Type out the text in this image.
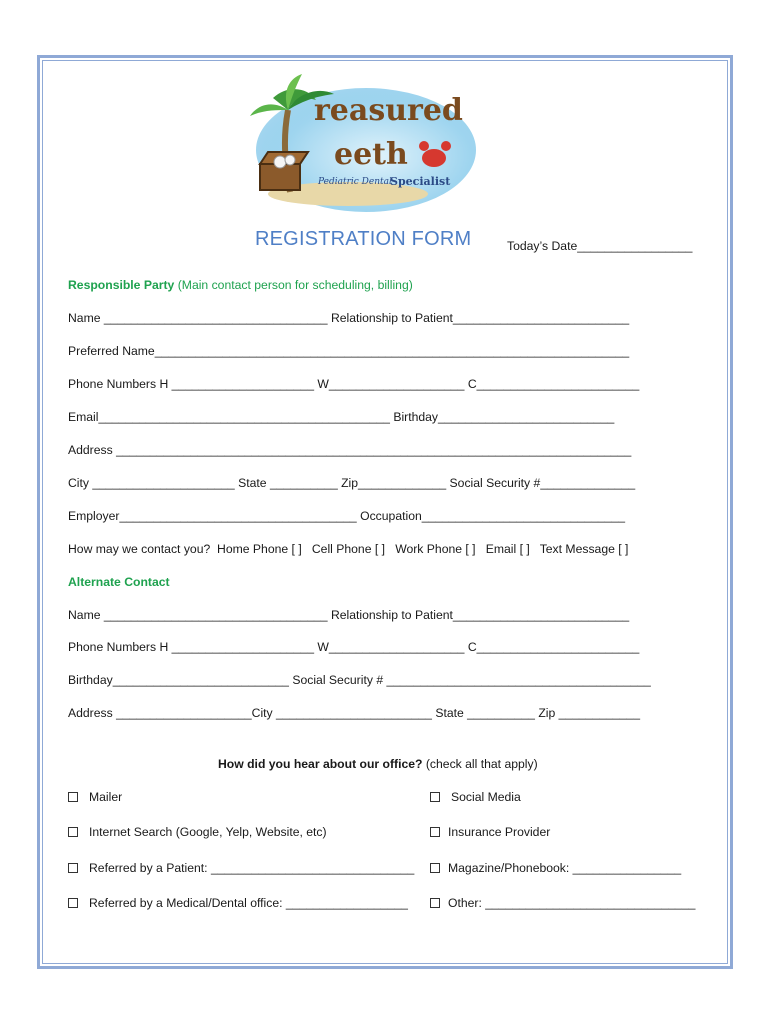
reasured
eeth
Pediatric Dental
Specialist
REGISTRATION FORM	Today’s Date_________________
Responsible Party (Main contact person for scheduling, billing)
Name _________________________________ Relationship to Patient__________________________
Preferred Name______________________________________________________________________
Phone Numbers H _____________________ W____________________ C________________________
Email___________________________________________ Birthday__________________________
Address ____________________________________________________________________________
City _____________________ State __________ Zip_____________ Social Security #______________
Employer___________________________________ Occupation______________________________
How may we contact you?  Home Phone [ ]   Cell Phone [ ]   Work Phone [ ]   Email [ ]   Text Message [ ]
Alternate Contact
Name _________________________________ Relationship to Patient__________________________
Phone Numbers H _____________________ W____________________ C________________________
Birthday__________________________ Social Security # _______________________________________
Address ____________________City _______________________ State __________ Zip ____________
How did you hear about our office? (check all that apply)
Mailer
Internet Search (Google, Yelp, Website, etc)
Referred by a Patient: ______________________________
Referred by a Medical/Dental office: __________________
Social Media
Insurance Provider
Magazine/Phonebook: ________________
Other: _______________________________
